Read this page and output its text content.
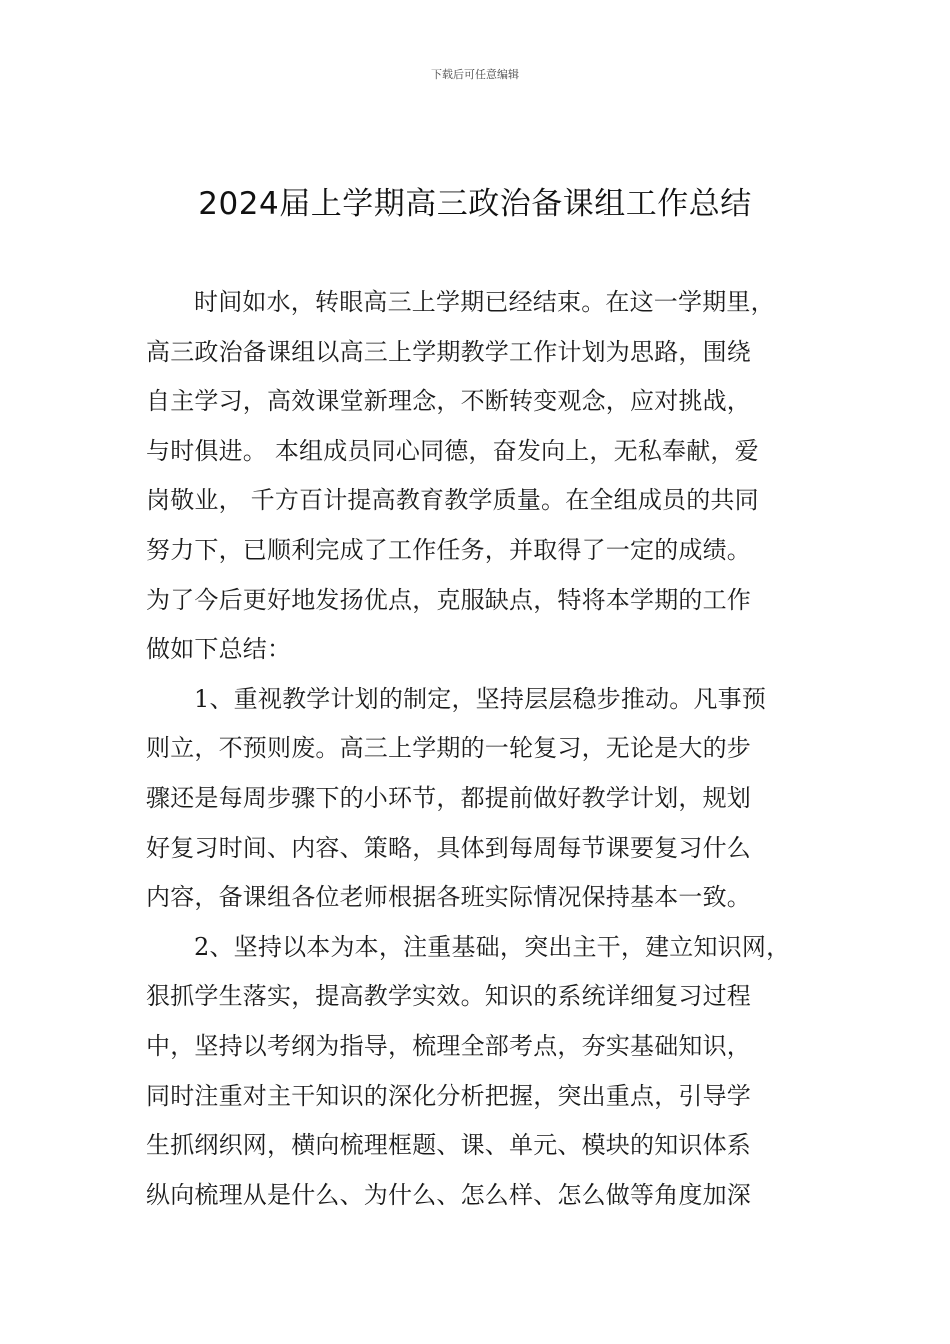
下载后可任意编辑
2024届上学期高三政治备课组工作总结
时间如水，转眼高三上学期已经结束。在这一学期里，
高三政治备课组以高三上学期教学工作计划为思路，围绕
自主学习，高效课堂新理念，不断转变观念，应对挑战，
与时俱进。 本组成员同心同德，奋发向上，无私奉献，爱
岗敬业， 千方百计提高教育教学质量。在全组成员的共同
努力下，已顺利完成了工作任务，并取得了一定的成绩。
为了今后更好地发扬优点，克服缺点，特将本学期的工作
做如下总结：
1、重视教学计划的制定，坚持层层稳步推动。凡事预
则立，不预则废。高三上学期的一轮复习，无论是大的步
骤还是每周步骤下的小环节，都提前做好教学计划，规划
好复习时间、内容、策略，具体到每周每节课要复习什么
内容，备课组各位老师根据各班实际情况保持基本一致。
2、坚持以本为本，注重基础，突出主干，建立知识网，
狠抓学生落实，提高教学实效。知识的系统详细复习过程
中，坚持以考纲为指导，梳理全部考点，夯实基础知识，
同时注重对主干知识的深化分析把握，突出重点，引导学
生抓纲织网，横向梳理框题、课、单元、模块的知识体系
纵向梳理从是什么、为什么、怎么样、怎么做等角度加深
